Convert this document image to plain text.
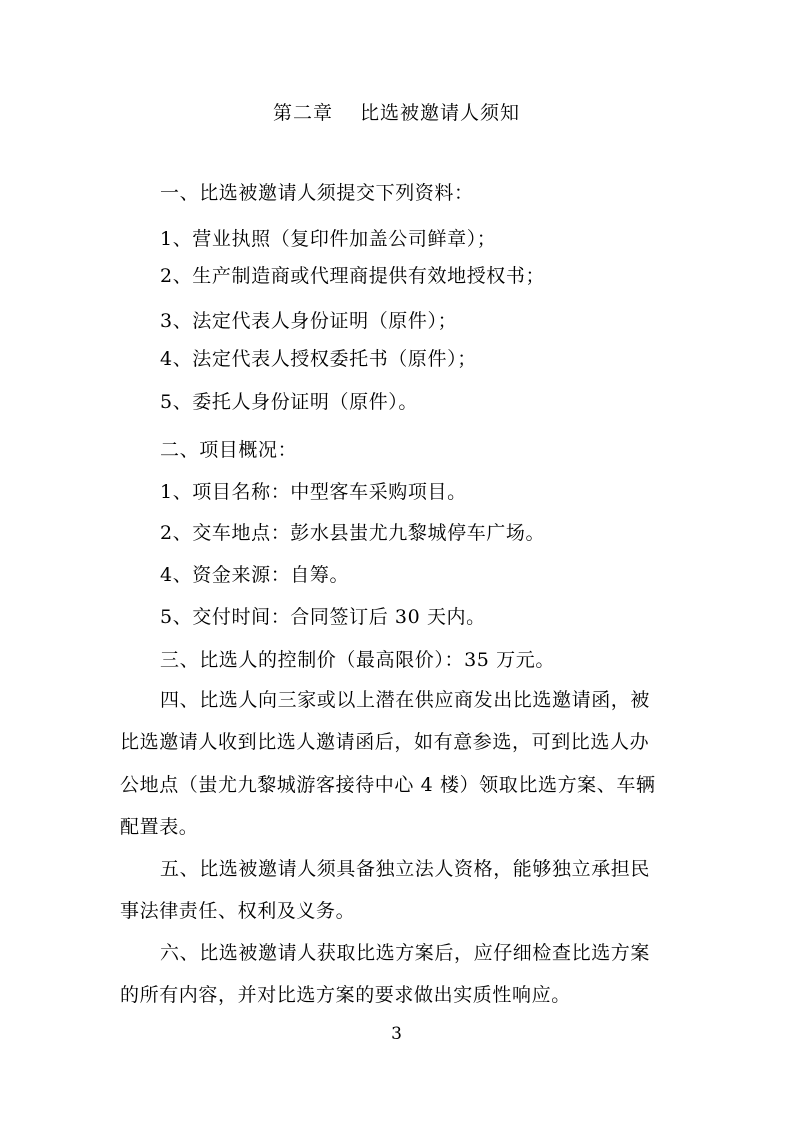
第二章　 比选被邀请人须知
一、比选被邀请人须提交下列资料：
1、营业执照（复印件加盖公司鲜章）；
2、生产制造商或代理商提供有效地授权书；
3、法定代表人身份证明（原件）；
4、法定代表人授权委托书（原件）；
5、委托人身份证明（原件）。
二、项目概况：
1、项目名称：中型客车采购项目。
2、交车地点：彭水县蚩尤九黎城停车广场。
4、资金来源：自筹。
5、交付时间：合同签订后 30 天内。
三、比选人的控制价（最高限价）：35 万元。
四、比选人向三家或以上潜在供应商发出比选邀请函，被
比选邀请人收到比选人邀请函后，如有意参选，可到比选人办
公地点（蚩尤九黎城游客接待中心 4 楼）领取比选方案、车辆
配置表。
五、比选被邀请人须具备独立法人资格，能够独立承担民
事法律责任、权利及义务。
六、比选被邀请人获取比选方案后，应仔细检查比选方案
的所有内容，并对比选方案的要求做出实质性响应。
3
